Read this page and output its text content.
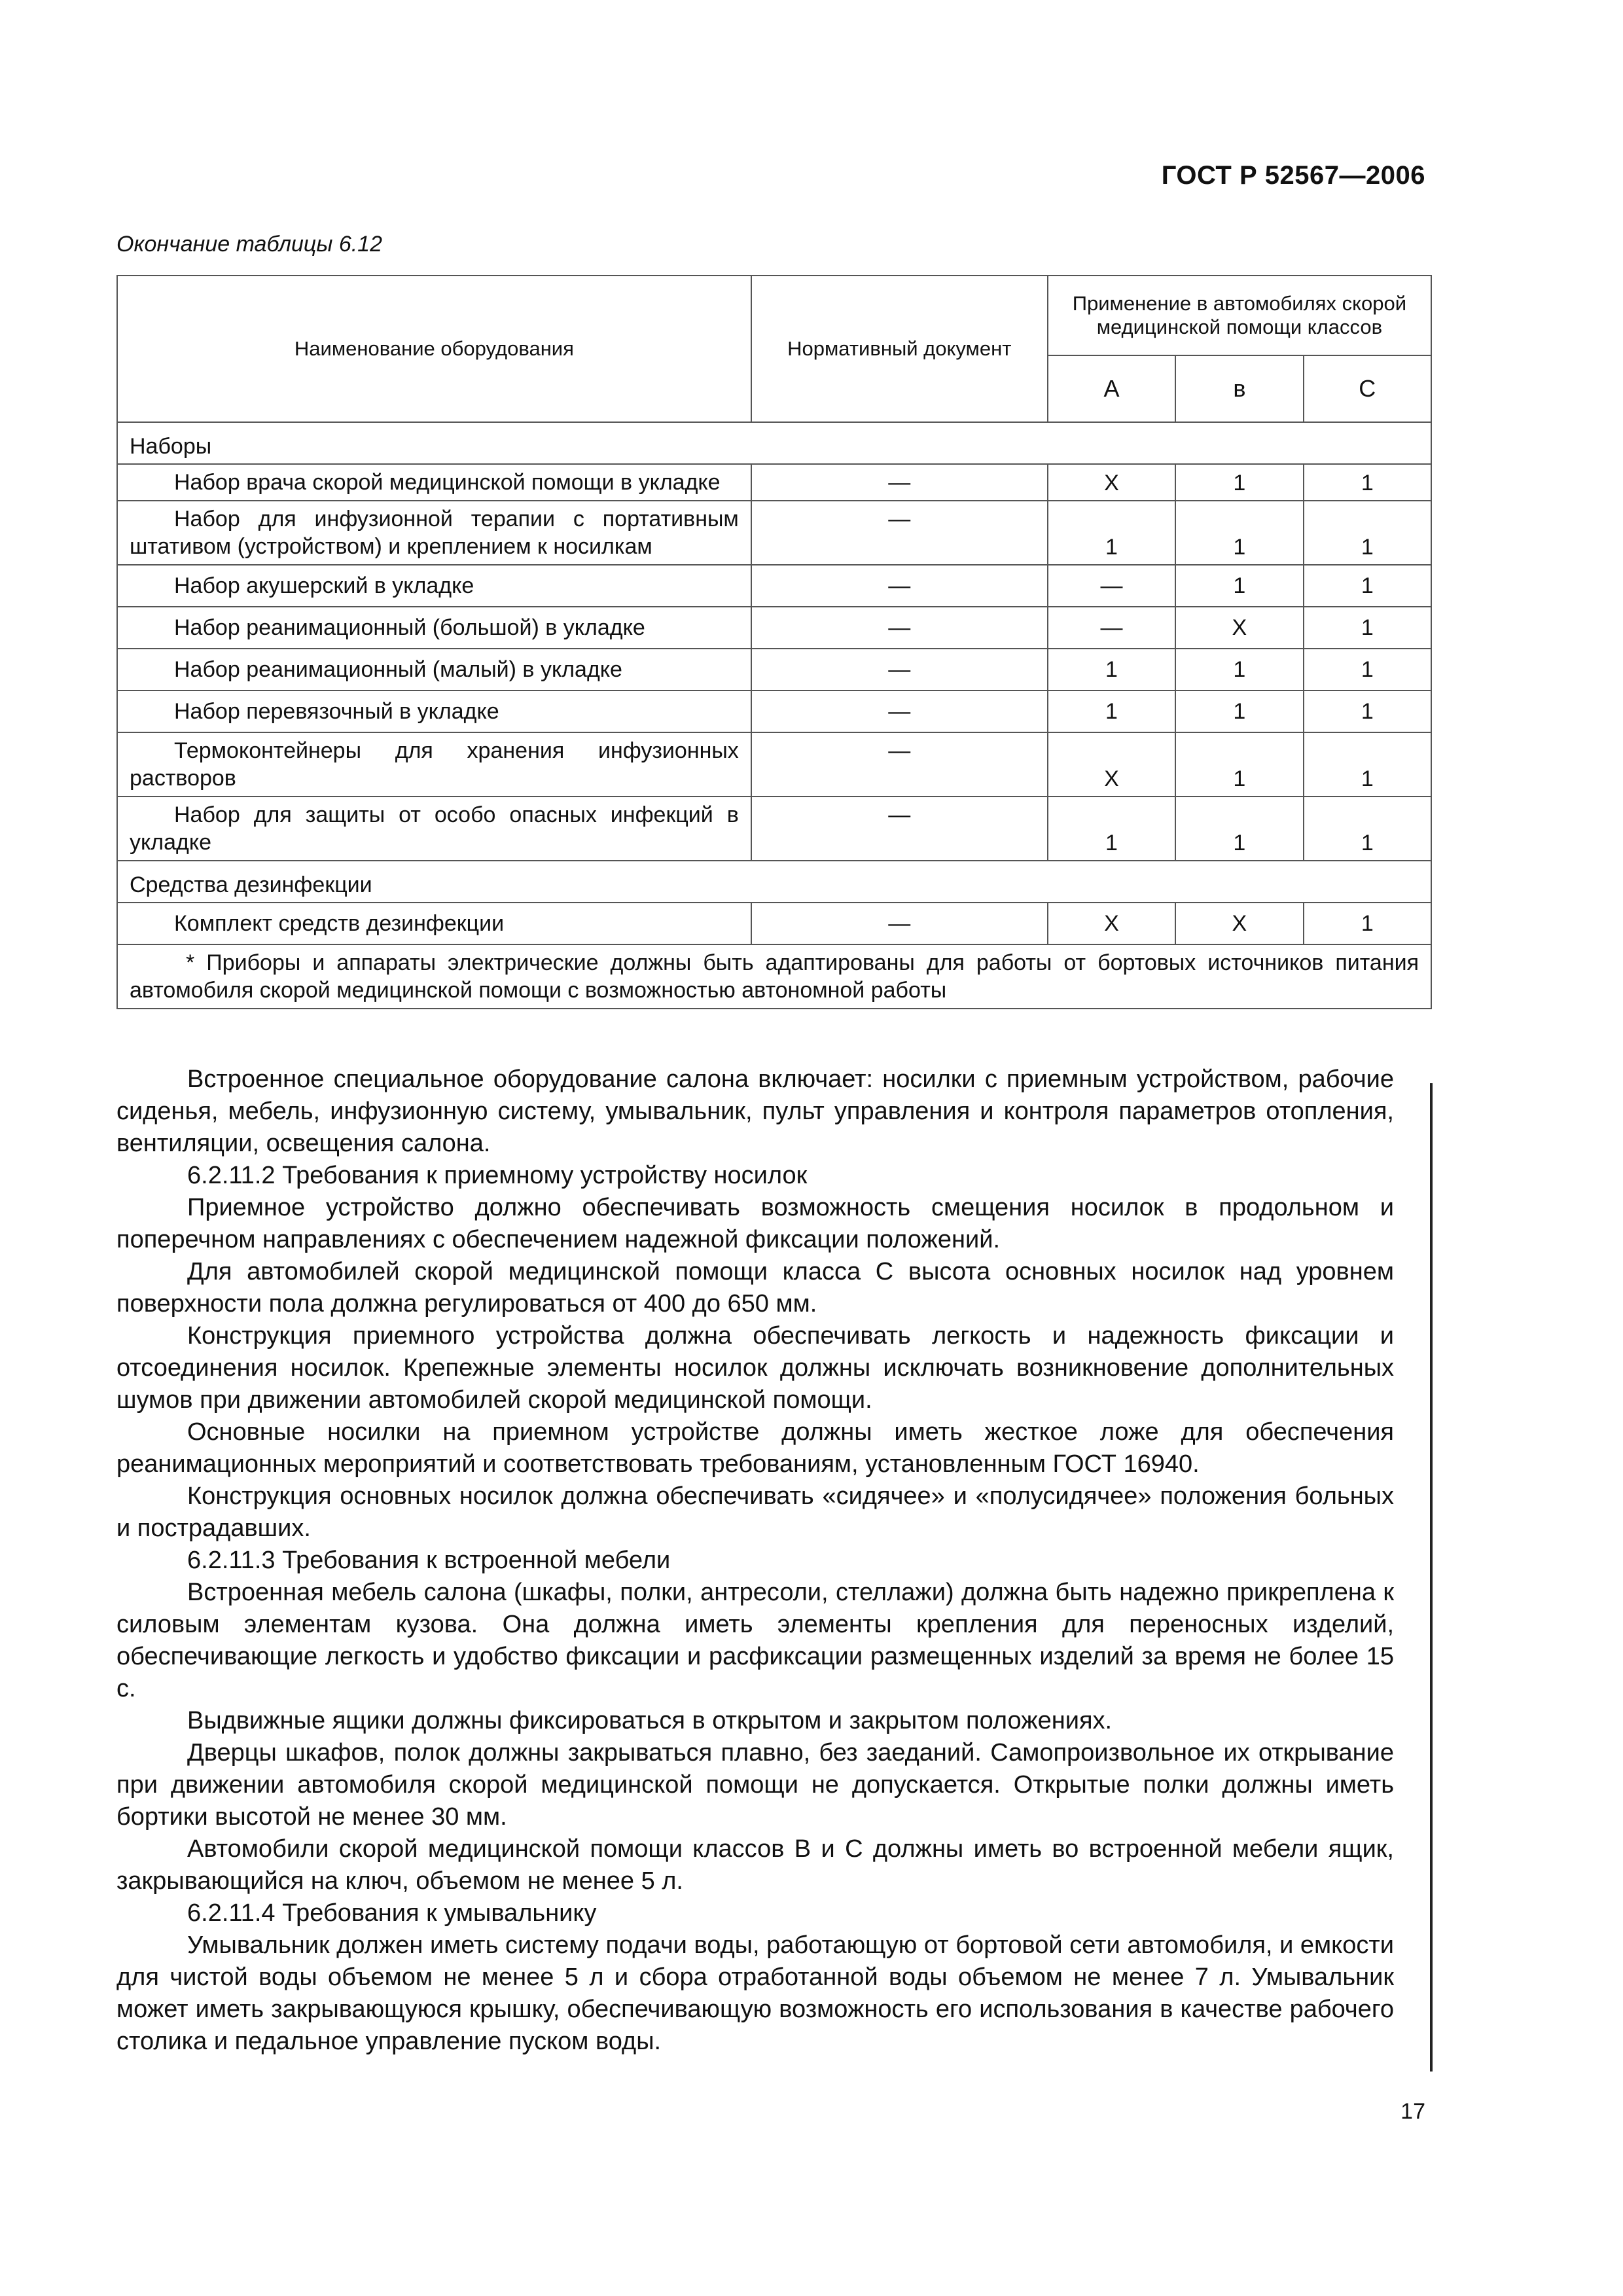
ГОСТ Р 52567—2006
Окончание таблицы 6.12
Наименование оборудования	Нормативный документ	Применение в автомобилях скорой медицинской помощи классов		
		А	в	С
Наборы				
Набор врача скорой медицинской помощи в укладке	—	Х	1	1
Набор для инфузионной терапии с портативным штативом (устройством) и креплением к носилкам	—	1	1	1
Набор акушерский в укладке	—	—	1	1
Набор реанимационный (большой) в укладке	—	—	Х	1
Набор реанимационный (малый) в укладке	—	1	1	1
Набор перевязочный в укладке	—	1	1	1
Термоконтейнеры для хранения инфузионных растворов	—	Х	1	1
Набор для защиты от особо опасных инфекций в укладке	—	1	1	1
Средства дезинфекции				
Комплект средств дезинфекции	—	Х	Х	1
* Приборы и аппараты электрические должны быть адаптированы для работы от бортовых источников питания автомобиля скорой медицинской помощи с возможностью автономной работы				

Встроенное специальное оборудование салона включает: носилки с приемным устройством, рабочие сиденья, мебель, инфузионную систему, умывальник, пульт управления и контроля параметров отопления, вентиляции, освещения салона.

6.2.11.2 Требования к приемному устройству носилок

Приемное устройство должно обеспечивать возможность смещения носилок в продольном и поперечном направлениях с обеспечением надежной фиксации положений.

Для автомобилей скорой медицинской помощи класса С высота основных носилок над уровнем поверхности пола должна регулироваться от 400 до 650 мм.

Конструкция приемного устройства должна обеспечивать легкость и надежность фиксации и отсоединения носилок. Крепежные элементы носилок должны исключать возникновение дополнительных шумов при движении автомобилей скорой медицинской помощи.

Основные носилки на приемном устройстве должны иметь жесткое ложе для обеспечения реанимационных мероприятий и соответствовать требованиям, установленным ГОСТ 16940.

Конструкция основных носилок должна обеспечивать «сидячее» и «полусидячее» положения больных и пострадавших.

6.2.11.3 Требования к встроенной мебели

Встроенная мебель салона (шкафы, полки, антресоли, стеллажи) должна быть надежно прикреплена к силовым элементам кузова. Она должна иметь элементы крепления для переносных изделий, обеспечивающие легкость и удобство фиксации и расфиксации размещенных изделий за время не более 15 с.

Выдвижные ящики должны фиксироваться в открытом и закрытом положениях.

Дверцы шкафов, полок должны закрываться плавно, без заеданий. Самопроизвольное их открывание при движении автомобиля скорой медицинской помощи не допускается. Открытые полки должны иметь бортики высотой не менее 30 мм.

Автомобили скорой медицинской помощи классов В и С должны иметь во встроенной мебели ящик, закрывающийся на ключ, объемом не менее 5 л.

6.2.11.4 Требования к умывальнику

Умывальник должен иметь систему подачи воды, работающую от бортовой сети автомобиля, и емкости для чистой воды объемом не менее 5 л и сбора отработанной воды объемом не менее 7 л. Умывальник может иметь закрывающуюся крышку, обеспечивающую возможность его использования в качестве рабочего столика и педальное управление пуском воды.

17
